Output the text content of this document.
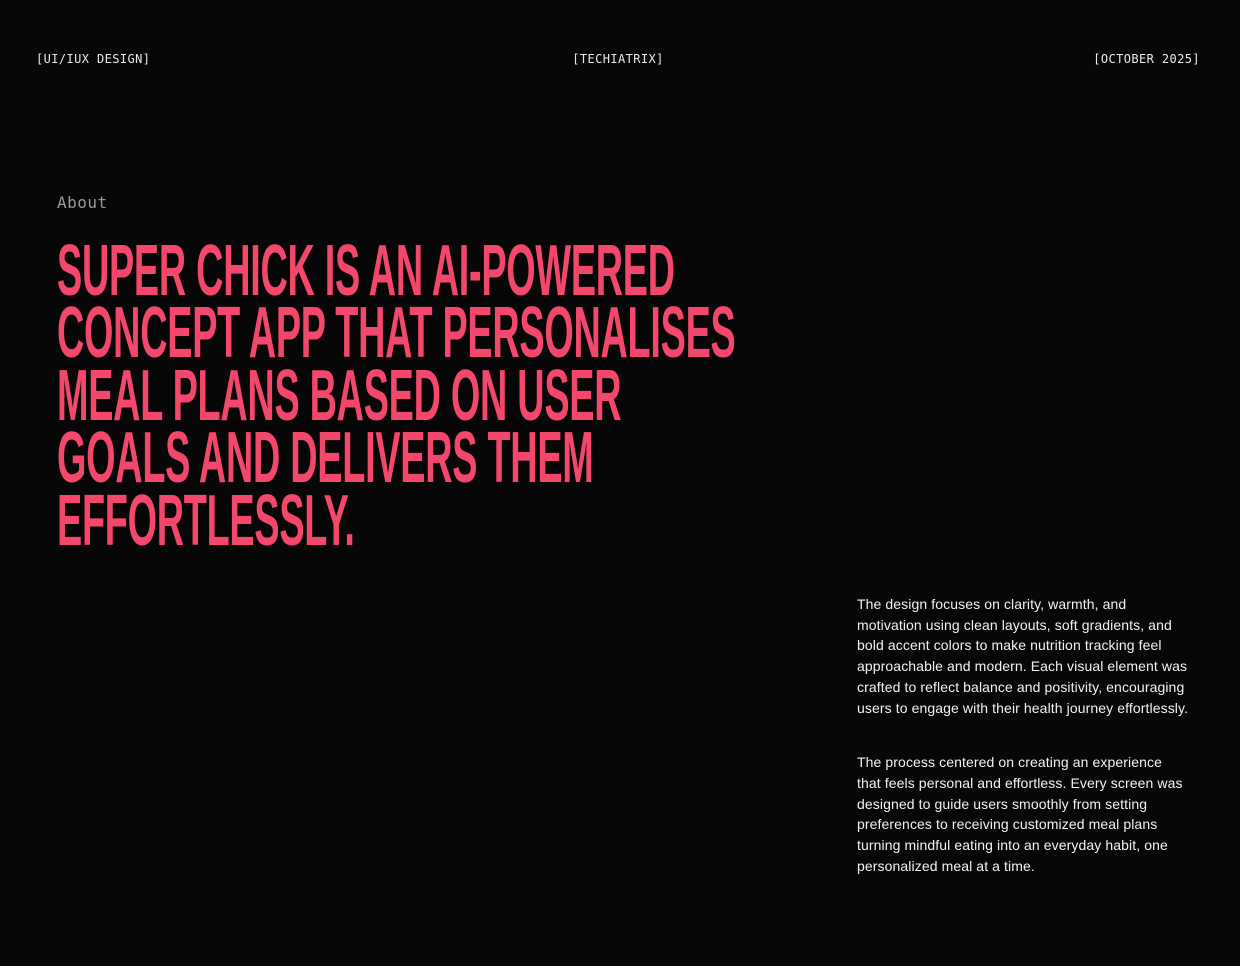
[UI/IUX DESIGN]	[TECHIATRIX]	[OCTOBER 2025]
About
SUPER CHICK IS AN AI-POWERED
CONCEPT APP THAT PERSONALISES
MEAL PLANS BASED ON USER
GOALS AND DELIVERS THEM
EFFORTLESSLY.

The design focuses on clarity, warmth, and motivation using clean layouts, soft gradients, and bold accent colors to make nutrition tracking feel approachable and modern. Each visual element was crafted to reflect balance and positivity, encouraging users to engage with their health journey effortlessly.

The process centered on creating an experience that feels personal and effortless. Every screen was designed to guide users smoothly from setting preferences to receiving customized meal plans turning mindful eating into an everyday habit, one personalized meal at a time.
